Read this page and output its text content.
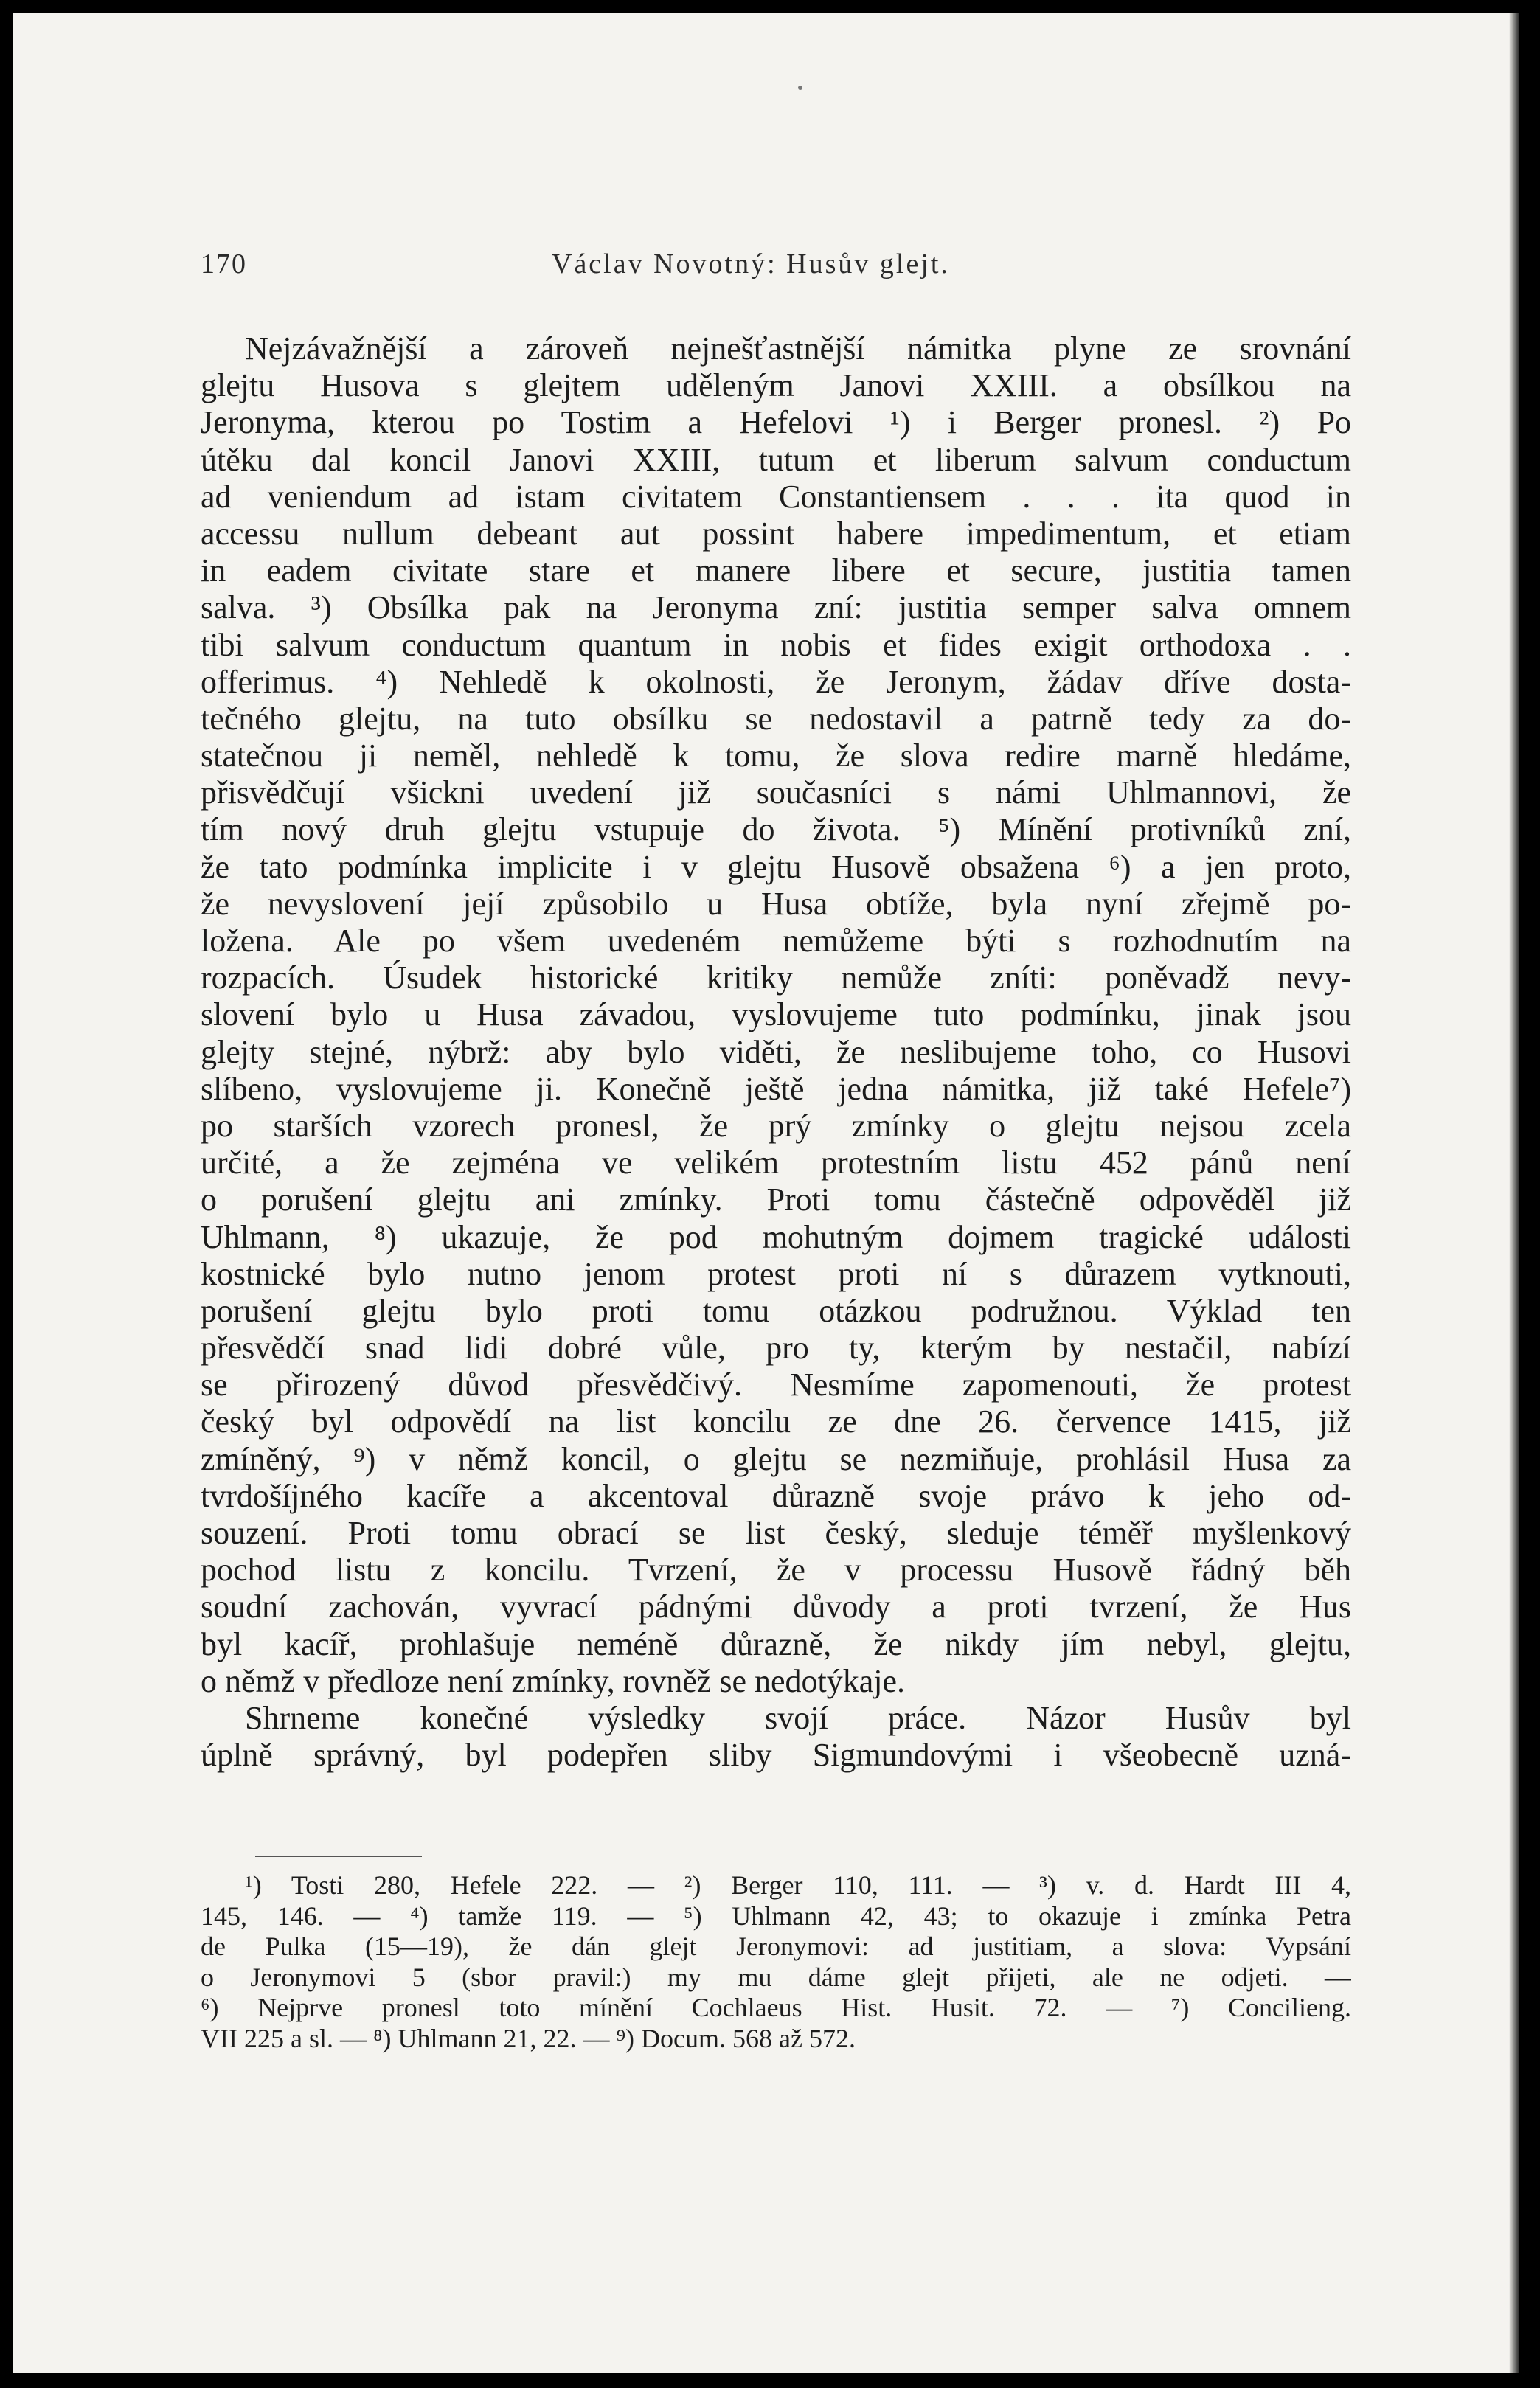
170	Václav Novotný: Husův glejt.
Nejzávažnější a zároveň nejnešťastnější námitka plyne ze srovnání
glejtu Husova s glejtem uděleným Janovi XXIII. a obsílkou na
Jeronyma, kterou po Tostim a Hefelovi ¹) i Berger pronesl. ²) Po
útěku dal koncil Janovi XXIII, tutum et liberum salvum conductum
ad veniendum ad istam civitatem Constantiensem . . . ita quod in
accessu nullum debeant aut possint habere impedimentum, et etiam
in eadem civitate stare et manere libere et secure, justitia tamen
salva. ³) Obsílka pak na Jeronyma zní: justitia semper salva omnem
tibi salvum conductum quantum in nobis et fides exigit orthodoxa . .
offerimus. ⁴) Nehledě k okolnosti, že Jeronym, žádav dříve dosta-
tečného glejtu, na tuto obsílku se nedostavil a patrně tedy za do-
statečnou ji neměl, nehledě k tomu, že slova redire marně hledáme,
přisvědčují všickni uvedení již současníci s námi Uhlmannovi, že
tím nový druh glejtu vstupuje do života. ⁵) Mínění protivníků zní,
že tato podmínka implicite i v glejtu Husově obsažena ⁶) a jen proto,
že nevyslovení její způsobilo u Husa obtíže, byla nyní zřejmě po-
ložena. Ale po všem uvedeném nemůžeme býti s rozhodnutím na
rozpacích. Úsudek historické kritiky nemůže zníti: poněvadž nevy-
slovení bylo u Husa závadou, vyslovujeme tuto podmínku, jinak jsou
glejty stejné, nýbrž: aby bylo viděti, že neslibujeme toho, co Husovi
slíbeno, vyslovujeme ji. Konečně ještě jedna námitka, již také Hefele⁷)
po starších vzorech pronesl, že prý zmínky o glejtu nejsou zcela
určité, a že zejména ve velikém protestním listu 452 pánů není
o porušení glejtu ani zmínky. Proti tomu částečně odpověděl již
Uhlmann, ⁸) ukazuje, že pod mohutným dojmem tragické události
kostnické bylo nutno jenom protest proti ní s důrazem vytknouti,
porušení glejtu bylo proti tomu otázkou podružnou. Výklad ten
přesvědčí snad lidi dobré vůle, pro ty, kterým by nestačil, nabízí
se přirozený důvod přesvědčivý. Nesmíme zapomenouti, že protest
český byl odpovědí na list koncilu ze dne 26. července 1415, již
zmíněný, ⁹) v němž koncil, o glejtu se nezmiňuje, prohlásil Husa za
tvrdošíjného kacíře a akcentoval důrazně svoje právo k jeho od-
souzení. Proti tomu obrací se list český, sleduje téměř myšlenkový
pochod listu z koncilu. Tvrzení, že v processu Husově řádný běh
soudní zachován, vyvrací pádnými důvody a proti tvrzení, že Hus
byl kacíř, prohlašuje neméně důrazně, že nikdy jím nebyl, glejtu,
o němž v předloze není zmínky, rovněž se nedotýkaje.
Shrneme konečné výsledky svojí práce. Názor Husův byl
úplně správný, byl podepřen sliby Sigmundovými i všeobecně uzná-
¹) Tosti 280, Hefele 222. — ²) Berger 110, 111. — ³) v. d. Hardt III 4,
145, 146. — ⁴) tamže 119. — ⁵) Uhlmann 42, 43; to okazuje i zmínka Petra
de Pulka (15—19), že dán glejt Jeronymovi: ad justitiam, a slova: Vypsání
o Jeronymovi 5 (sbor pravil:) my mu dáme glejt přijeti, ale ne odjeti. —
⁶) Nejprve pronesl toto mínění Cochlaeus Hist. Husit. 72. — ⁷) Concilieng.
VII 225 a sl. — ⁸) Uhlmann 21, 22. — ⁹) Docum. 568 až 572.
